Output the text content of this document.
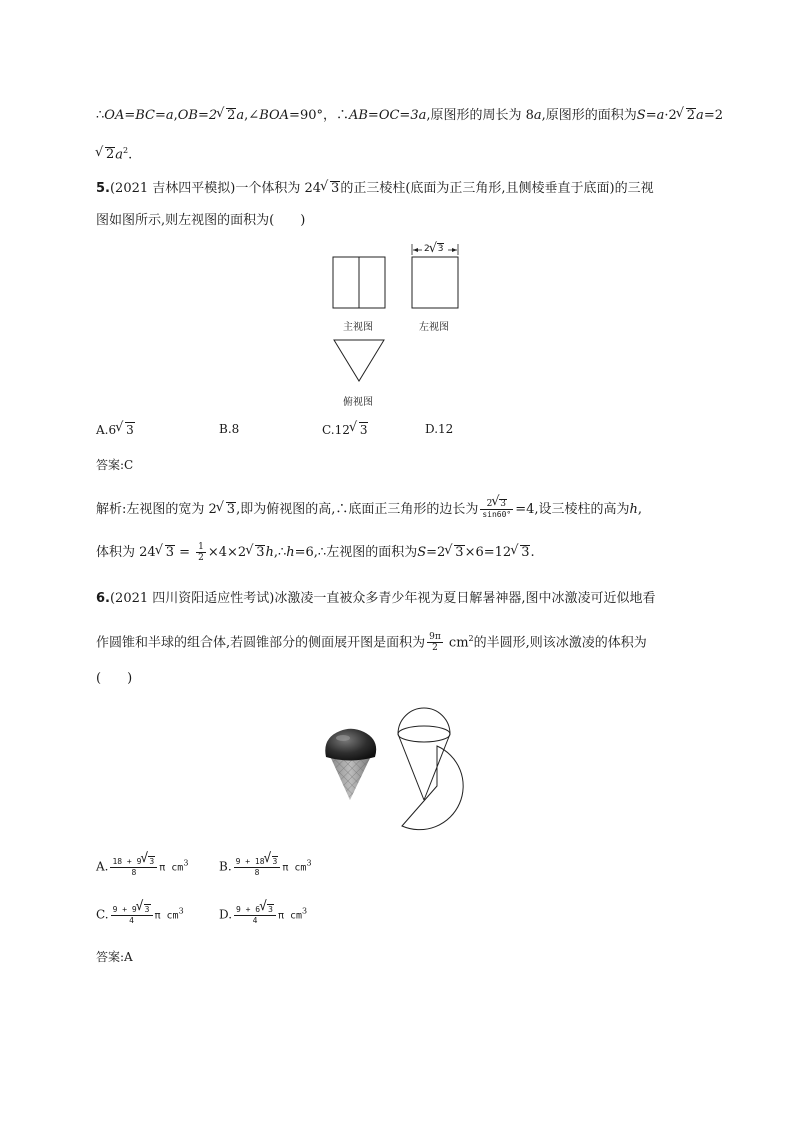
∴OA=BC=a,OB=2√ 2a,∠BOA=90°，∴AB=OC=3a,原图形的周长为 8a,原图形的面积为S=a·2√ 2a=2
√ $2a^2$.
5.(2021 吉林四平模拟)一个体积为 24√ 3的正三棱柱(底面为正三角形,且侧棱垂直于底面)的三视
图如图所示,则左视图的面积为(　　)
2√ 3
主视图	左视图
俯视图
A.6√ 3	B.8	C.12√ 3	D.12
答案:C
解析:左视图的宽为 2√ 3,即为俯视图的高,∴底面正三角形的边长为 $\frac{2√ 3}{\sin 60^\circ} =4$,设三棱柱的高为h,
体积为 24√ $3 = \frac{1}{2} \times 4\times 2√$ 3h,∴h=6,∴左视图的面积为S=2√ 3×6=12√ 3.
6.(2021 四川资阳适应性考试)冰激凌一直被众多青少年视为夏日解暑神器,图中冰激凌可近似地看
作圆锥和半球的组合体,若圆锥部分的侧面展开图是面积为 $\frac{9\pi}{2} cm^2$的半圆形,则该冰激凌的体积为
(　　)
A. $\frac{18 + 9√ 3}{8}$ π $cm^3$	B. $\frac{9 + 18√ 3}{8}$ π $cm^3$
C. $\frac{9 + 9√ 3}{4}$ π $cm^3$	D. $\frac{9 + 6√ 3}{4}$ π $cm^3$
答案:A
